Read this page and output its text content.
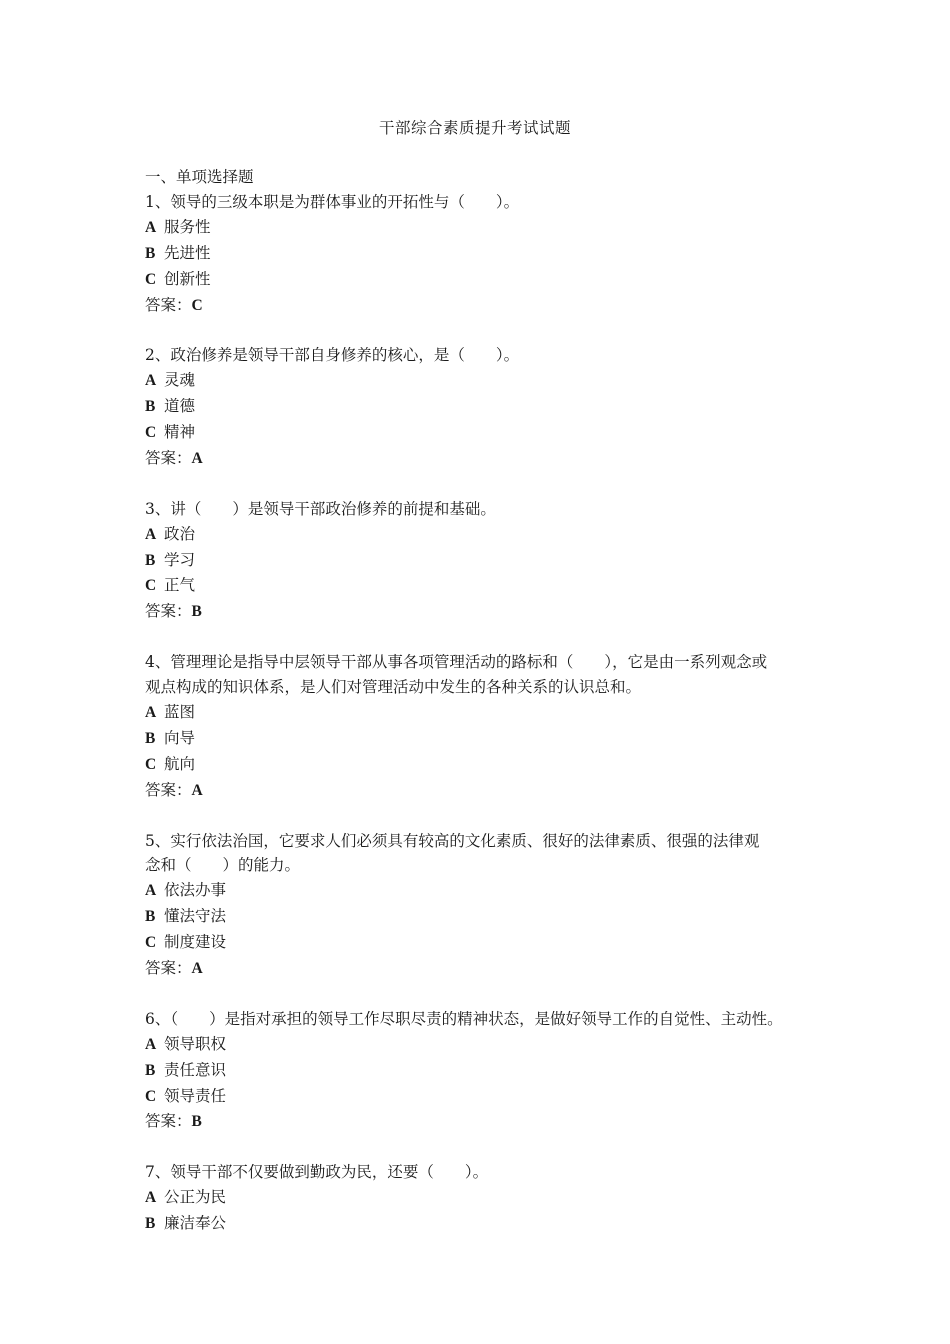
干部综合素质提升考试试题
一、单项选择题
1、领导的三级本职是为群体事业的开拓性与（　　）。
A 服务性
B 先进性
C 创新性
答案：C
2、政治修养是领导干部自身修养的核心，是（　　）。
A 灵魂
B 道德
C 精神
答案：A
3、讲（　　）是领导干部政治修养的前提和基础。
A 政治
B 学习
C 正气
答案：B
4、管理理论是指导中层领导干部从事各项管理活动的路标和（　　），它是由一系列观念或
观点构成的知识体系，是人们对管理活动中发生的各种关系的认识总和。
A 蓝图
B 向导
C 航向
答案：A
5、实行依法治国，它要求人们必须具有较高的文化素质、很好的法律素质、很强的法律观
念和（　　）的能力。
A 依法办事
B 懂法守法
C 制度建设
答案：A
6、（　　）是指对承担的领导工作尽职尽责的精神状态，是做好领导工作的自觉性、主动性。
A 领导职权
B 责任意识
C 领导责任
答案：B
7、领导干部不仅要做到勤政为民，还要（　　）。
A 公正为民
B 廉洁奉公
